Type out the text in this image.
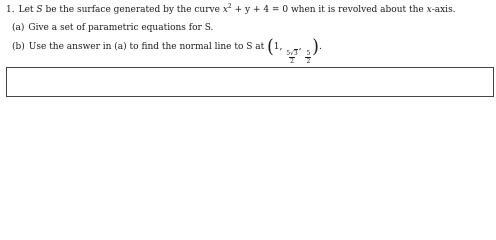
1. Let S be the surface generated by the curve $x^2 + y + 4 = 0$ when it is revolved about the x-axis.
(a) Give a set of parametric equations for S.
(b) Use the answer in (a) to find the normal line to S at (1,
$\frac{5√3}{2}$
,
$\frac{5}{2}$ ).
